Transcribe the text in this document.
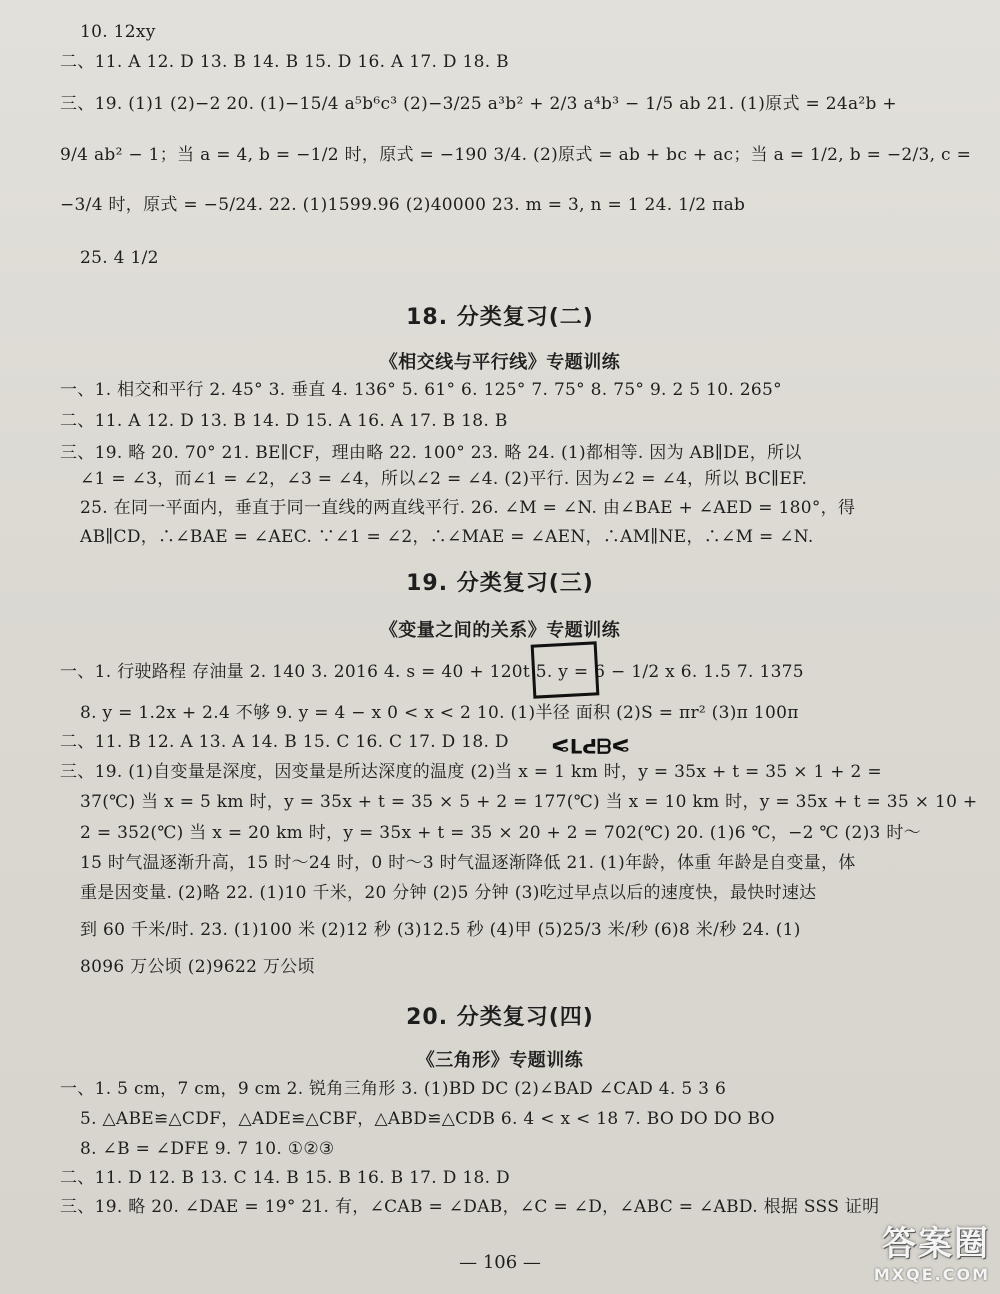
10. 12xy
二、11. A 12. D 13. B 14. B 15. D 16. A 17. D 18. B
三、19. (1)1 (2)−2 20. (1)−15/4 a⁵b⁶c³ (2)−3/25 a³b² + 2/3 a⁴b³ − 1/5 ab 21. (1)原式 = 24a²b +
9/4 ab² − 1；当 a = 4, b = −1/2 时，原式 = −190 3/4. (2)原式 = ab + bc + ac；当 a = 1/2, b = −2/3, c =
−3/4 时，原式 = −5/24. 22. (1)1599.96 (2)40000 23. m = 3, n = 1 24. 1/2 πab
25. 4 1/2
18. 分类复习(二)
《相交线与平行线》专题训练
一、1. 相交和平行 2. 45° 3. 垂直 4. 136° 5. 61° 6. 125° 7. 75° 8. 75° 9. 2 5 10. 265°
二、11. A 12. D 13. B 14. D 15. A 16. A 17. B 18. B
三、19. 略 20. 70° 21. BE∥CF，理由略 22. 100° 23. 略 24. (1)都相等. 因为 AB∥DE，所以
∠1 = ∠3，而∠1 = ∠2，∠3 = ∠4，所以∠2 = ∠4. (2)平行. 因为∠2 = ∠4，所以 BC∥EF.
25. 在同一平面内，垂直于同一直线的两直线平行. 26. ∠M = ∠N. 由∠BAE + ∠AED = 180°，得
AB∥CD，∴∠BAE = ∠AEC. ∵∠1 = ∠2，∴∠MAE = ∠AEN，∴AM∥NE，∴∠M = ∠N.
19. 分类复习(三)
《变量之间的关系》专题训练
一、1. 行驶路程 存油量 2. 140 3. 2016 4. s = 40 + 120t 5. y = 6 − 1/2 x 6. 1.5 7. 1375
8. y = 1.2x + 2.4 不够 9. y = 4 − x 0 < x < 2 10. (1)半径 面积 (2)S = πr² (3)π 100π
二、11. B 12. A 13. A 14. B 15. C 16. C 17. D 18. D
三、19. (1)自变量是深度，因变量是所达深度的温度 (2)当 x = 1 km 时，y = 35x + t = 35 × 1 + 2 =
37(℃) 当 x = 5 km 时，y = 35x + t = 35 × 5 + 2 = 177(℃) 当 x = 10 km 时，y = 35x + t = 35 × 10 +
2 = 352(℃) 当 x = 20 km 时，y = 35x + t = 35 × 20 + 2 = 702(℃) 20. (1)6 ℃，−2 ℃ (2)3 时～
15 时气温逐渐升高，15 时～24 时，0 时～3 时气温逐渐降低 21. (1)年龄，体重 年龄是自变量，体
重是因变量. (2)略 22. (1)10 千米，20 分钟 (2)5 分钟 (3)吃过早点以后的速度快，最快时速达
到 60 千米/时. 23. (1)100 米 (2)12 秒 (3)12.5 秒 (4)甲 (5)25/3 米/秒 (6)8 米/秒 24. (1)
8096 万公顷 (2)9622 万公顷
20. 分类复习(四)
《三角形》专题训练
一、1. 5 cm，7 cm，9 cm 2. 锐角三角形 3. (1)BD DC (2)∠BAD ∠CAD 4. 5 3 6
5. △ABE≌△CDF，△ADE≌△CBF，△ABD≌△CDB 6. 4 < x < 18 7. BO DO DO BO
8. ∠B = ∠DFE 9. 7 10. ①②③
二、11. D 12. B 13. C 14. B 15. B 16. B 17. D 18. D
三、19. 略 20. ∠DAE = 19° 21. 有，∠CAB = ∠DAB，∠C = ∠D，∠ABC = ∠ABD. 根据 SSS 证明
ᕗᗺᕈᒣᕗ
— 106 —	答案圈
MXQE.COM
